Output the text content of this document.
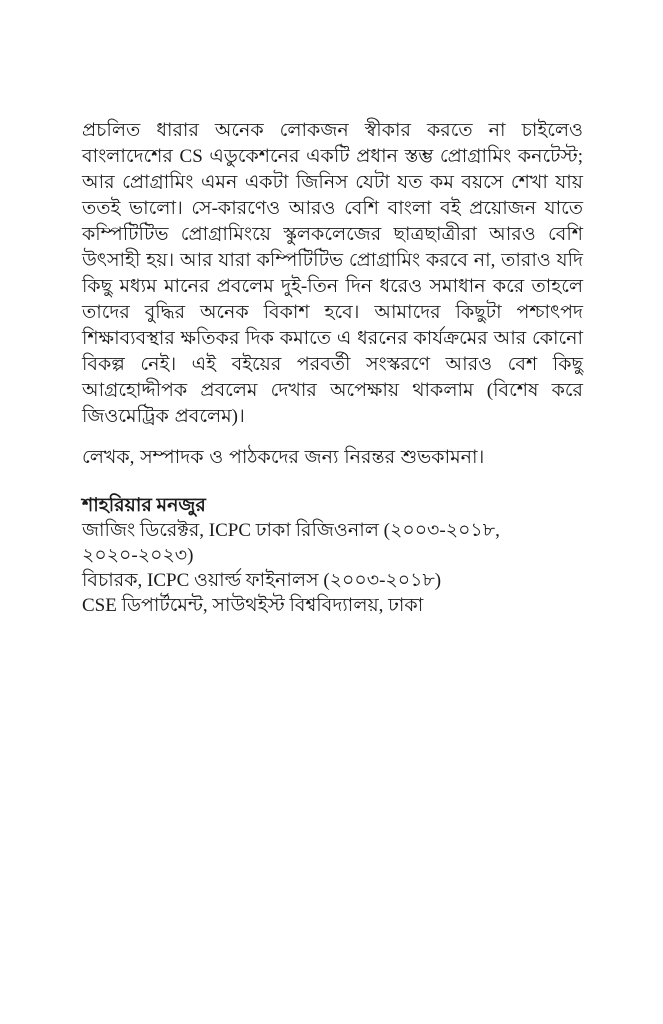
প্রচলিত ধারার অনেক লোকজন স্বীকার করতে না চাইলেও বাংলাদেশের CS এডুকেশনের একটি প্রধান স্তম্ভ প্রোগ্রামিং কনটেস্ট; আর প্রোগ্রামিং এমন একটা জিনিস যেটা যত কম বয়সে শেখা যায় ততই ভালো। সে-কারণেও আরও বেশি বাংলা বই প্রয়োজন যাতে কম্পিটিটিভ প্রোগ্রামিংয়ে স্কুলকলেজের ছাত্রছাত্রীরা আরও বেশি উৎসাহী হয়। আর যারা কম্পিটিটিভ প্রোগ্রামিং করবে না, তারাও যদি কিছু মধ্যম মানের প্রবলেম দুই-তিন দিন ধরেও সমাধান করে তাহলে তাদের বুদ্ধির অনেক বিকাশ হবে। আমাদের কিছুটা পশ্চাৎপদ শিক্ষাব্যবস্থার ক্ষতিকর দিক কমাতে এ ধরনের কার্যক্রমের আর কোনো বিকল্প নেই। এই বইয়ের পরবর্তী সংস্করণে আরও বেশ কিছু আগ্রহোদ্দীপক প্রবলেম দেখার অপেক্ষায় থাকলাম (বিশেষ করে জিওমেট্রিক প্রবলেম)।

লেখক, সম্পাদক ও পাঠকদের জন্য নিরন্তর শুভকামনা।

শাহরিয়ার মনজুর

জাজিং ডিরেক্টর, ICPC ঢাকা রিজিওনাল (২০০৩-২০১৮, ২০২০-২০২৩)

বিচারক, ICPC ওয়ার্ল্ড ফাইনালস (২০০৩-২০১৮)

CSE ডিপার্টমেন্ট, সাউথইস্ট বিশ্ববিদ্যালয়, ঢাকা
